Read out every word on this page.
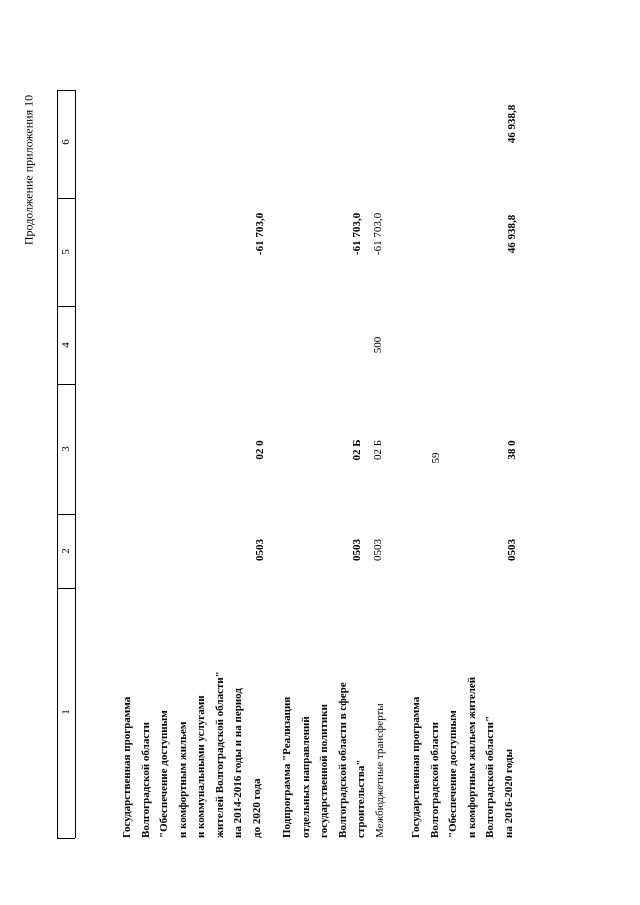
59
Продолжение приложения 10 6
5
4
3
2
1	Государственная программа Волгоградской области "Обеспечение доступным и комфортным жильем и коммунальными услугами жителей Волгоградской области" на 2014-2016 годы и на период до 2020 года
0503
02 0
-61 703,0
Подпрограмма "Реализация отдельных направлений государственной политики Волгоградской области в сфере строительства"
0503
02 Б
-61 703,0
Межбюджетные трансферты
0503
02 Б
500
-61 703,0
Государственная программа Волгоградской области "Обеспечение доступным и комфортным жильем жителей Волгоградской области" на 2016-2020 годы
0503
38 0
46 938,8
46 938,8
